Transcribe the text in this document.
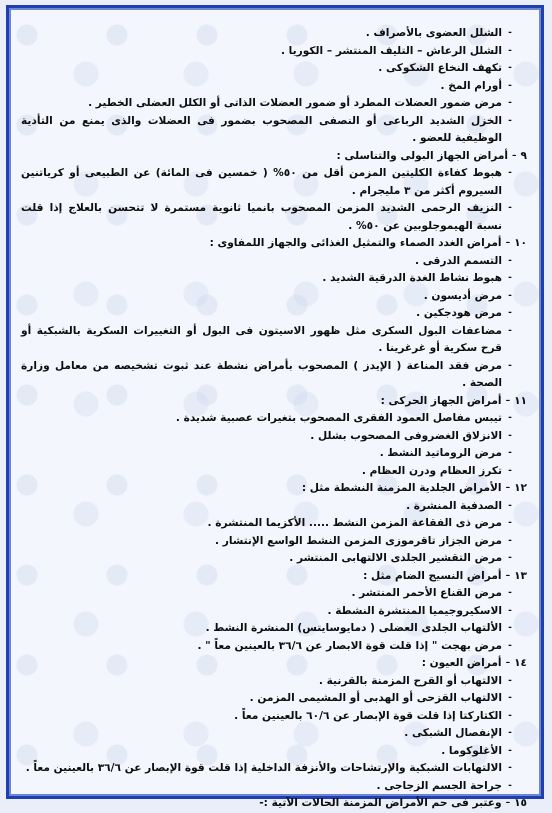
-
الشلل العضوى بالأصراف .
-
الشلل الرعاش – التليف المنتشر – الكوريا .
-
تكهف النخاع الشكوكى .
-
أورام المخ .
-
مرض ضمور العضلات المطرد أو ضمور العضلات الذاتى أو الكلل العضلى الخطير .
-
الخزل الشديد الرباعى أو النصفى المصحوب بضمور فى العضلات والذى يمنع من التأدية الوظيفية للعضو .
٩
–
أمراض الجهاز البولى والتناسلى :
-
هبوط كفاءة الكليتين المزمن أقل من ٥٠% ( خمسين فى المائة) عن الطبيعى أو كرياتنين السيروم أكثر من ٣ مليجرام .
-
النزيف الرحمى الشديد المزمن المصحوب بانميا ثانوية مستمرة لا تتحسن بالعلاج إذا قلت نسبة الهيموجلوبين عن ٥٠% .
١٠
–
أمراض الغدد الصماء والتمثيل الغذائى والجهاز اللمفاوى :
-
التسمم الدرقى .
-
هبوط نشاط الغدة الدرقية الشديد .
-
مرض أديسون .
-
مرض هودجكين .
-
مضاعفات البول السكرى مثل ظهور الاسيتون فى البول أو التغييرات السكرية بالشبكية أو قرح سكرية أو غرغرينا .
-
مرض فقد المناعة ( الإيدز ) المصحوب بأمراض نشطة عند ثبوت تشخيصه من معامل وزارة الصحة .
١١
–
أمراض الجهاز الحركى :
-
تيبس مفاصل العمود الفقرى المصحوب بتغيرات عصبية شديدة .
-
الانزلاق الغضروفى المصحوب بشلل .
-
مرض الروماتيد النشط .
-
تكرز العظام ودرن العظام .
١٢
–
الأمراض الجلدية المزمنة النشطة مثل :
-
الصدفية المنشرة .
-
مرض ذى الفقاعة المزمن النشط ..... الأكزيما المنتشرة .
-
مرض الجزاز تاقرموزى المزمن النشط الواسع الإنتشار .
-
مرض التقشير الجلدى الالتهابى المنتشر .
١٣
–
أمراض النسيج الضام مثل :
-
مرض القناع الأحمر المنتشر .
-
الاسكيروجيميا المنتشرة النشطة .
-
الألتهاب الجلدى العضلى ( دمايوسايتس) المنشرة النشط .
-
مرض بهجت " إذا قلت قوة الابصار عن ٣٦/٦ بالعينين معاً " .
١٤
–
أمراض العيون :
-
الالتهاب أو القرح المزمنة بالقرنية .
-
الالتهاب القزحى أو الهدبى أو المشيمى المزمن .
-
الكتاركتا إذا قلت قوة الإبصار عن ٦٠/٦ بالعينين معاً .
-
الإنفصال الشبكى .
-
الأغلوكوما .
-
الالتهابات الشبكية والإرتشاحات والأنزفة الداخلية إذا قلت قوة الإبصار عن ٣٦/٦ بالعينين معاً .
-
جراحة الجسم الزجاجى .
١٥
–
وعتبر فى حم الأمراض المزمنة الحالات الآتية :-
